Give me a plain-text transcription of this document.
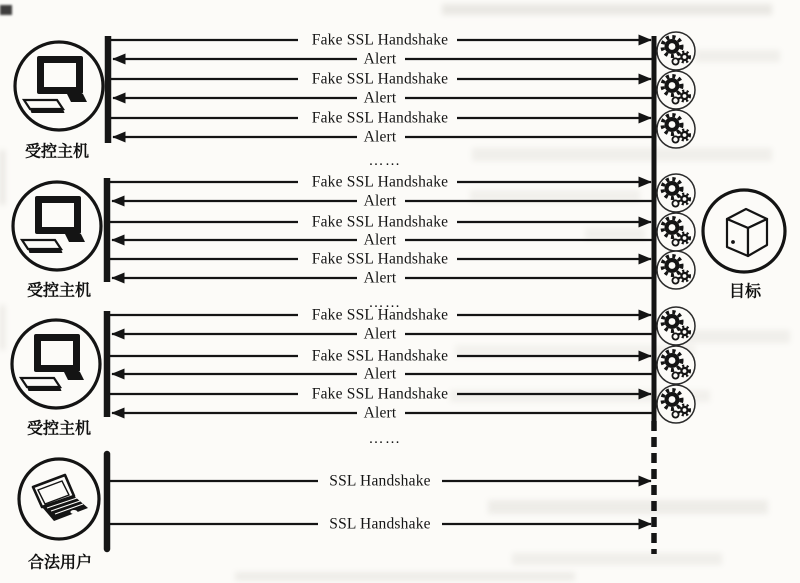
目标
受控主机
Fake SSL Handshake
Alert
Fake SSL Handshake
Alert
Fake SSL Handshake
Alert
……
受控主机
Fake SSL Handshake
Alert
Fake SSL Handshake
Alert
Fake SSL Handshake
Alert
……
受控主机
Fake SSL Handshake
Alert
Fake SSL Handshake
Alert
Fake SSL Handshake
Alert
……
合法用户
SSL Handshake
SSL Handshake
